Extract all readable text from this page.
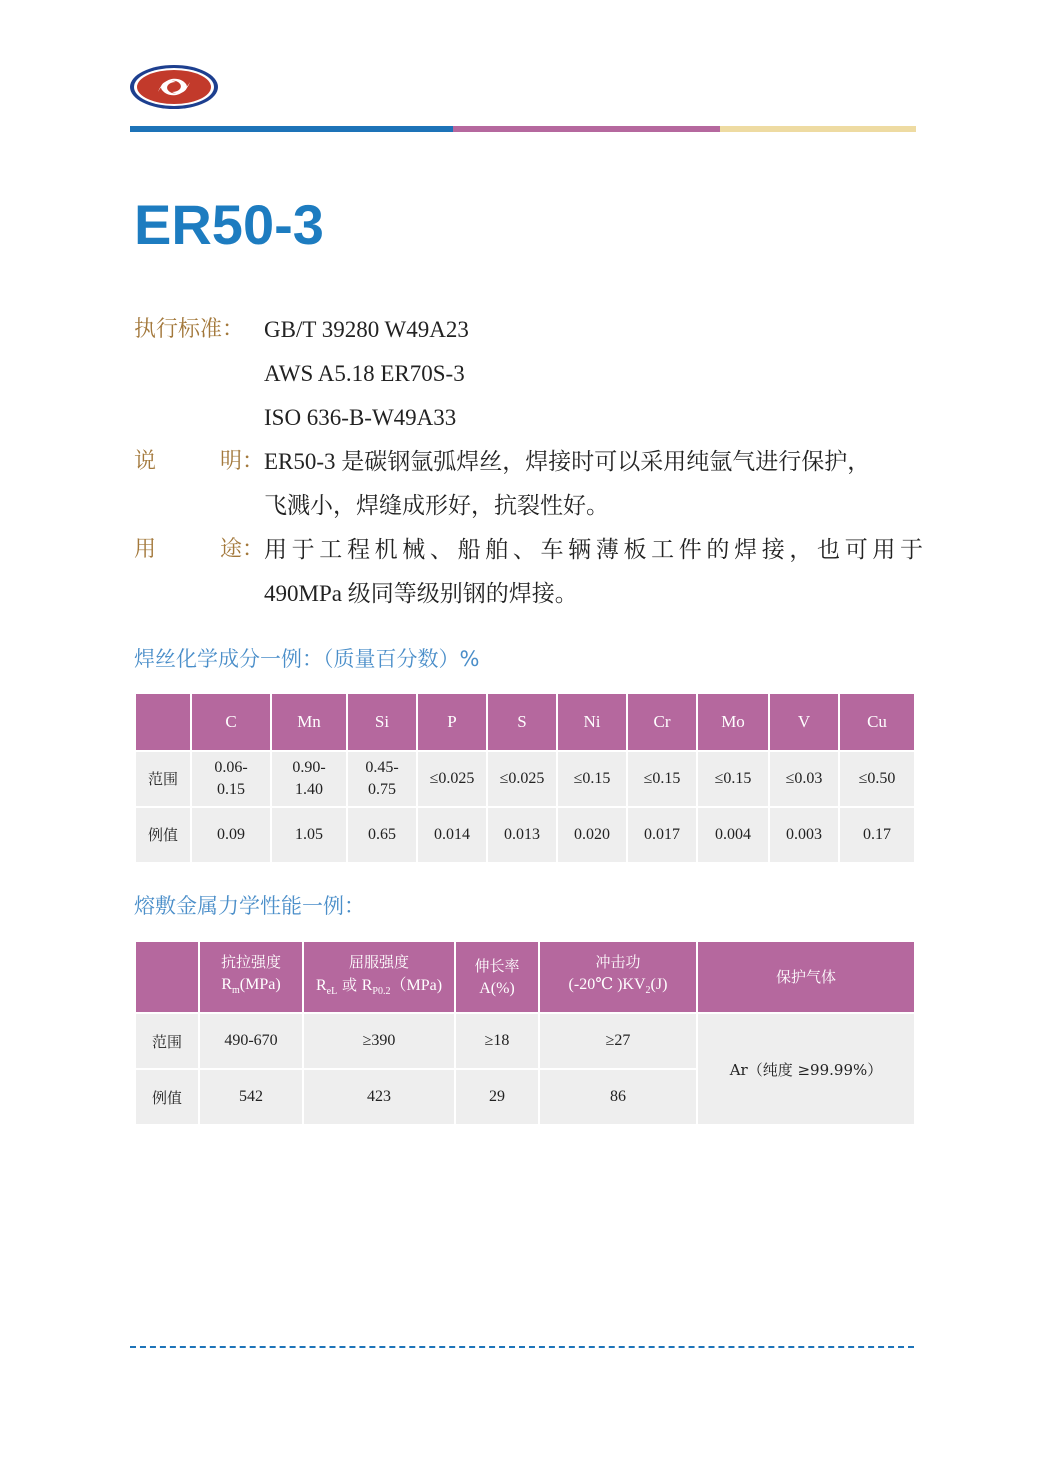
ER50-3
执行标准： GB/T 39280 W49A23
AWS A5.18 ER70S-3
ISO 636-B-W49A33
说	明： ER50-3 是碳钢氩弧焊丝，焊接时可以采用纯氩气进行保护，
飞溅小，焊缝成形好，抗裂性好。
用	途： 用于工程机械、船舶、车辆薄板工件的焊接，也可用于
490MPa 级同等级别钢的焊接。
焊丝化学成分一例：（质量百分数）%
	C	Mn	Si	P	S	Ni	Cr	Mo	V	Cu
范围	0.06-
0.15	0.90-
1.40	0.45-
0.75	≤0.025	≤0.025	≤0.15	≤0.15	≤0.15	≤0.03	≤0.50
例值	0.09	1.05	0.65	0.014	0.013	0.020	0.017	0.004	0.003	0.17
熔敷金属力学性能一例：
	抗拉强度
$R_m(MPa)$	屈服强度
$R_{eL}$ 或 $R_{P0.2}(MPa)$	伸长率
A(%)	冲击功
(-20℃ )$KV_2(J)$	保护气体
范围	490-670	≥390	≥18	≥27	Ar（纯度 ≥99.99%）
例值	542	423	29	86	
